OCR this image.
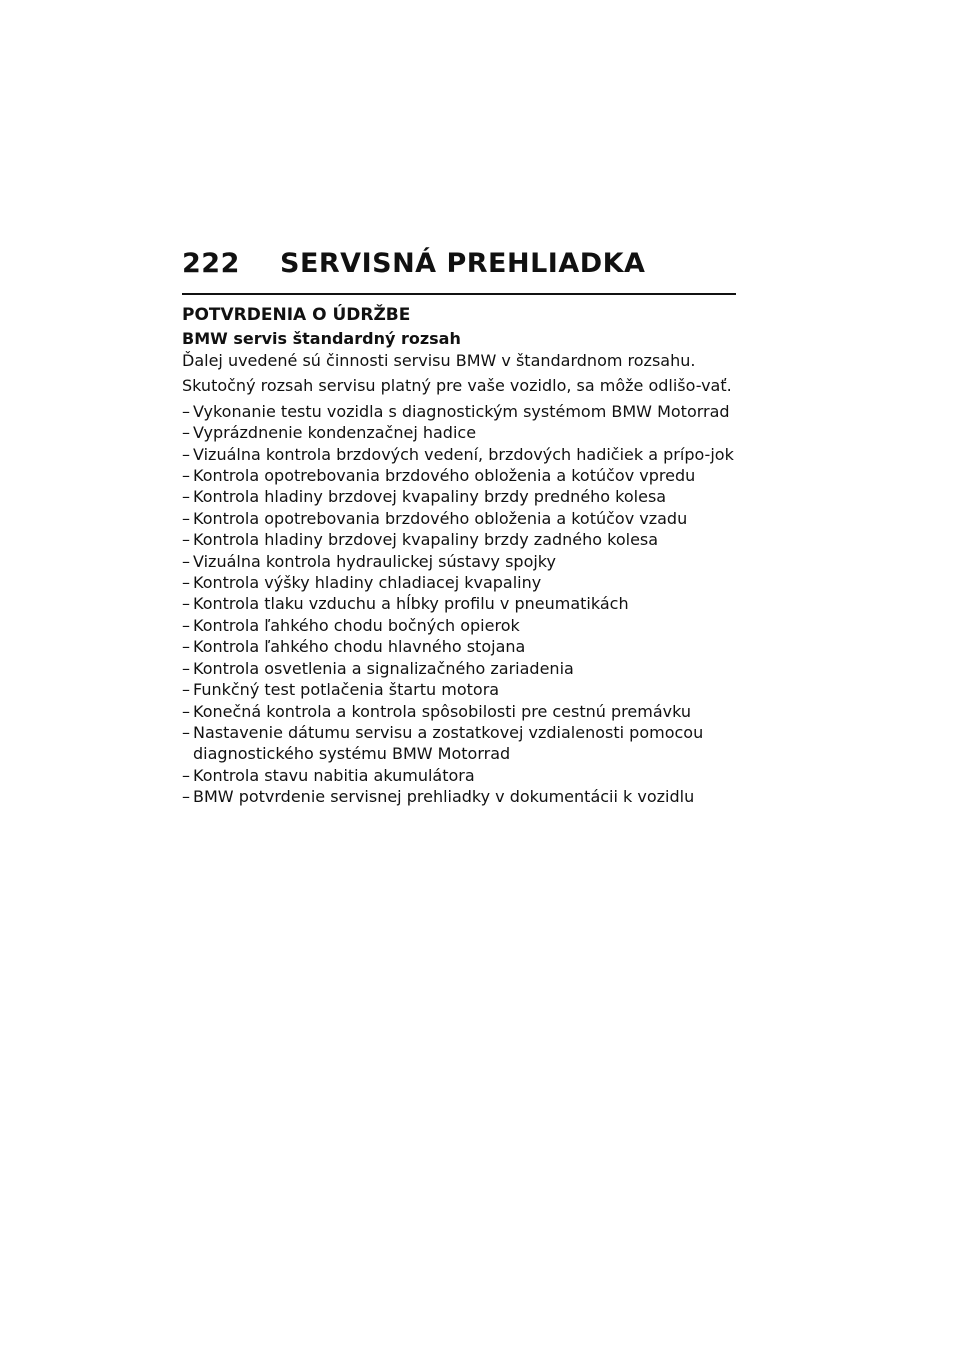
222	SERVISNÁ PREHLIADKA
POTVRDENIA O ÚDRŽBE
BMW servis štandardný rozsah

Ďalej uvedené sú činnosti servisu BMW v štandardnom rozsahu.

Skutočný rozsah servisu platný pre vaše vozidlo, sa môže odlišo-vať.

– Vykonanie testu vozidla s diagnostickým systémom BMW Motorrad
– Vyprázdnenie kondenzačnej hadice
– Vizuálna kontrola brzdových vedení, brzdových hadičiek a prípo-jok
– Kontrola opotrebovania brzdového obloženia a kotúčov vpredu
– Kontrola hladiny brzdovej kvapaliny brzdy predného kolesa
– Kontrola opotrebovania brzdového obloženia a kotúčov vzadu
– Kontrola hladiny brzdovej kvapaliny brzdy zadného kolesa
– Vizuálna kontrola hydraulickej sústavy spojky
– Kontrola výšky hladiny chladiacej kvapaliny
– Kontrola tlaku vzduchu a hĺbky profilu v pneumatikách
– Kontrola ľahkého chodu bočných opierok
– Kontrola ľahkého chodu hlavného stojana
– Kontrola osvetlenia a signalizačného zariadenia
– Funkčný test potlačenia štartu motora
– Konečná kontrola a kontrola spôsobilosti pre cestnú premávku
– Nastavenie dátumu servisu a zostatkovej vzdialenosti pomocou diagnostického systému BMW Motorrad
– Kontrola stavu nabitia akumulátora
– BMW potvrdenie servisnej prehliadky v dokumentácii k vozidlu
